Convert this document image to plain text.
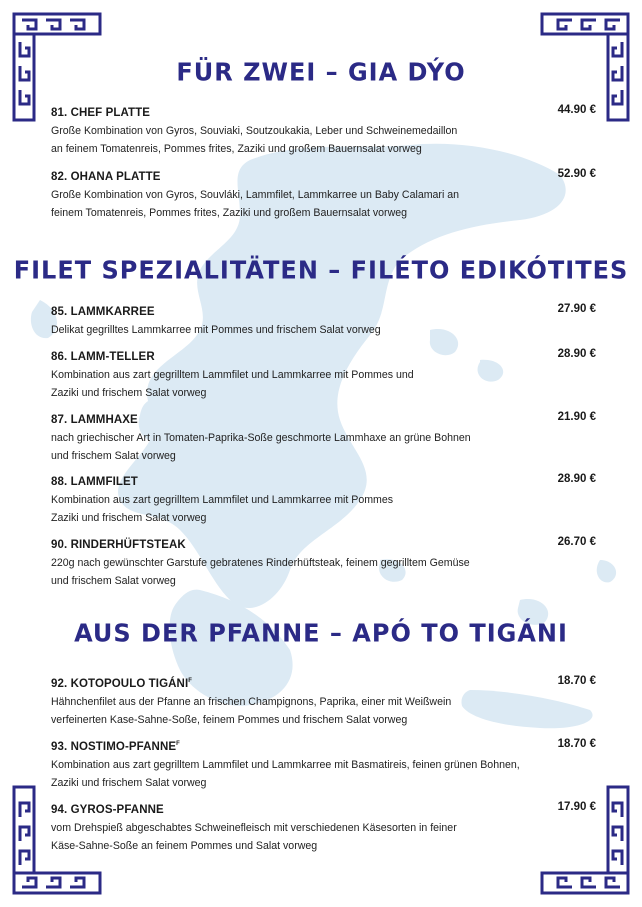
FÜR ZWEI – GIA DÝO
81. CHEF PLATTE	44.90 €
Große Kombination von Gyros, Souviaki, Soutzoukakia, Leber und Schweinemedaillon
an feinem Tomatenreis, Pommes frites, Zaziki und großem Bauernsalat vorweg
82. OHANA PLATTE	52.90 €
Große Kombination von Gyros, Souvláki, Lammfilet, Lammkarree un Baby Calamari an
feinem Tomatenreis, Pommes frites, Zaziki und großem Bauernsalat vorweg
FILET SPEZIALITÄTEN – FILÉTO EDIKÓTITES
85. LAMMKARREE	27.90 €
Delikat gegrilltes Lammkarree mit Pommes und frischem Salat vorweg
86. LAMM-TELLER	28.90 €
Kombination aus zart gegrilltem Lammfilet und Lammkarree mit Pommes und
Zaziki und frischem Salat vorweg
87. LAMMHAXE	21.90 €
nach griechischer Art in Tomaten-Paprika-Soße geschmorte Lammhaxe an grüne Bohnen
und frischem Salat vorweg
88. LAMMFILET	28.90 €
Kombination aus zart gegrilltem Lammfilet und Lammkarree mit Pommes
Zaziki und frischem Salat vorweg
90. RINDERHÜFTSTEAK	26.70 €
220g nach gewünschter Garstufe gebratenes Rinderhüftsteak, feinem gegrilltem Gemüse
und frischem Salat vorweg
AUS DER PFANNE – APÓ TO TIGÁNI
92. KOTOPOULO $TIGÁNI^F$	18.70 €
Hähnchenfilet aus der Pfanne an frischen Champignons, Paprika, einer mit Weißwein
verfeinerten Kase-Sahne-Soße, feinem Pommes und frischem Salat vorweg
93. NOSTIMO-$PFANNE^F$	18.70 €
Kombination aus zart gegrilltem Lammfilet und Lammkarree mit Basmatireis, feinen grünen Bohnen,
Zaziki und frischem Salat vorweg
94. GYROS-PFANNE	17.90 €
vom Drehspieß abgeschabtes Schweinefleisch mit verschiedenen Käsesorten in feiner
Käse-Sahne-Soße an feinem Pommes und Salat vorweg
